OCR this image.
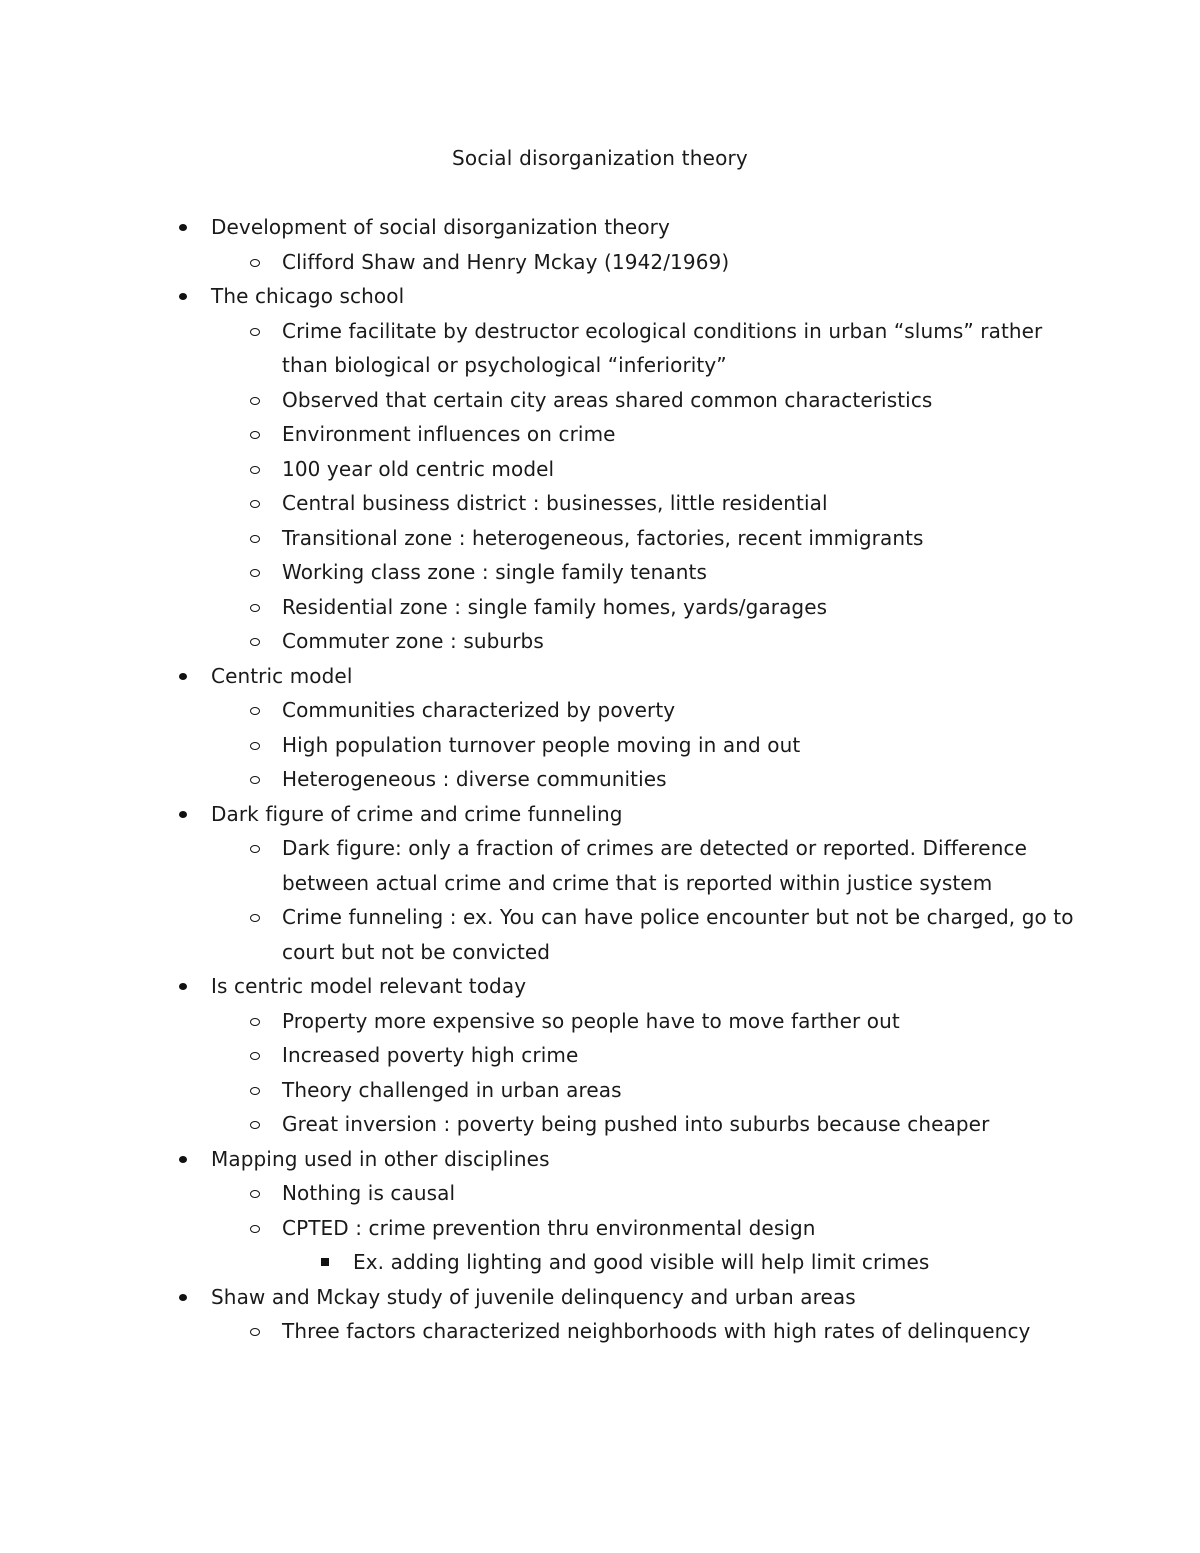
Social disorganization theory
Development of social disorganization theory
Clifford Shaw and Henry Mckay (1942/1969)
The chicago school
Crime facilitate by destructor ecological conditions in urban “slums” rather
than biological or psychological “inferiority”
Observed that certain city areas shared common characteristics
Environment influences on crime
100 year old centric model
Central business district : businesses, little residential
Transitional zone : heterogeneous, factories, recent immigrants
Working class zone : single family tenants
Residential zone : single family homes, yards/garages
Commuter zone : suburbs
Centric model
Communities characterized by poverty
High population turnover people moving in and out
Heterogeneous : diverse communities
Dark figure of crime and crime funneling
Dark figure: only a fraction of crimes are detected or reported. Difference
between actual crime and crime that is reported within justice system
Crime funneling : ex. You can have police encounter but not be charged, go to
court but not be convicted
Is centric model relevant today
Property more expensive so people have to move farther out
Increased poverty high crime
Theory challenged in urban areas
Great inversion : poverty being pushed into suburbs because cheaper
Mapping used in other disciplines
Nothing is causal
CPTED : crime prevention thru environmental design
Ex. adding lighting and good visible will help limit crimes
Shaw and Mckay study of juvenile delinquency and urban areas
Three factors characterized neighborhoods with high rates of delinquency
